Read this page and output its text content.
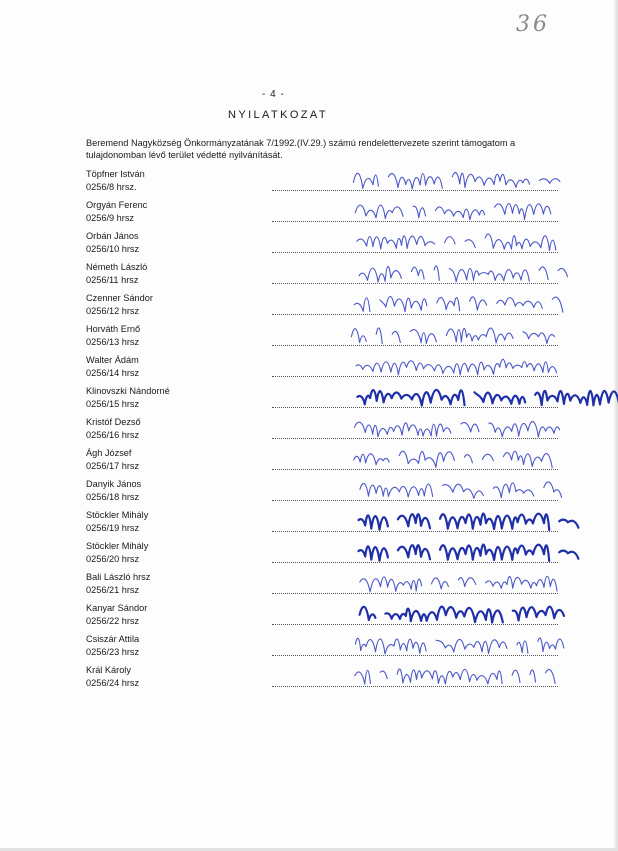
36
- 4 -
NYILATKOZAT
Beremend Nagyközség Önkormányzatának 7/1992.(IV.29.) számú rendelettervezete szerint támogatom a tulajdonomban lévő terület védetté nyilvánítását.
Töpfner István
0256/8 hrsz.
Orgyán Ferenc
0256/9 hrsz
Orbán János
0256/10 hrsz
Németh László
0256/11 hrsz
Czenner Sándor
0256/12 hrsz
Horváth Ernő
0256/13 hrsz
Walter Ádám
0256/14 hrsz
Klinovszki Nándorné
0256/15 hrsz
Kristóf Dezső
0256/16 hrsz
Ágh József
0256/17 hrsz
Danyik János
0256/18 hrsz
Stöckler Mihály
0256/19 hrsz
Stöckler Mihály
0256/20 hrsz
Bali László hrsz
0256/21 hrsz
Kanyar Sándor
0256/22 hrsz
Csiszár Attila
0256/23 hrsz
Král Károly
0256/24 hrsz
